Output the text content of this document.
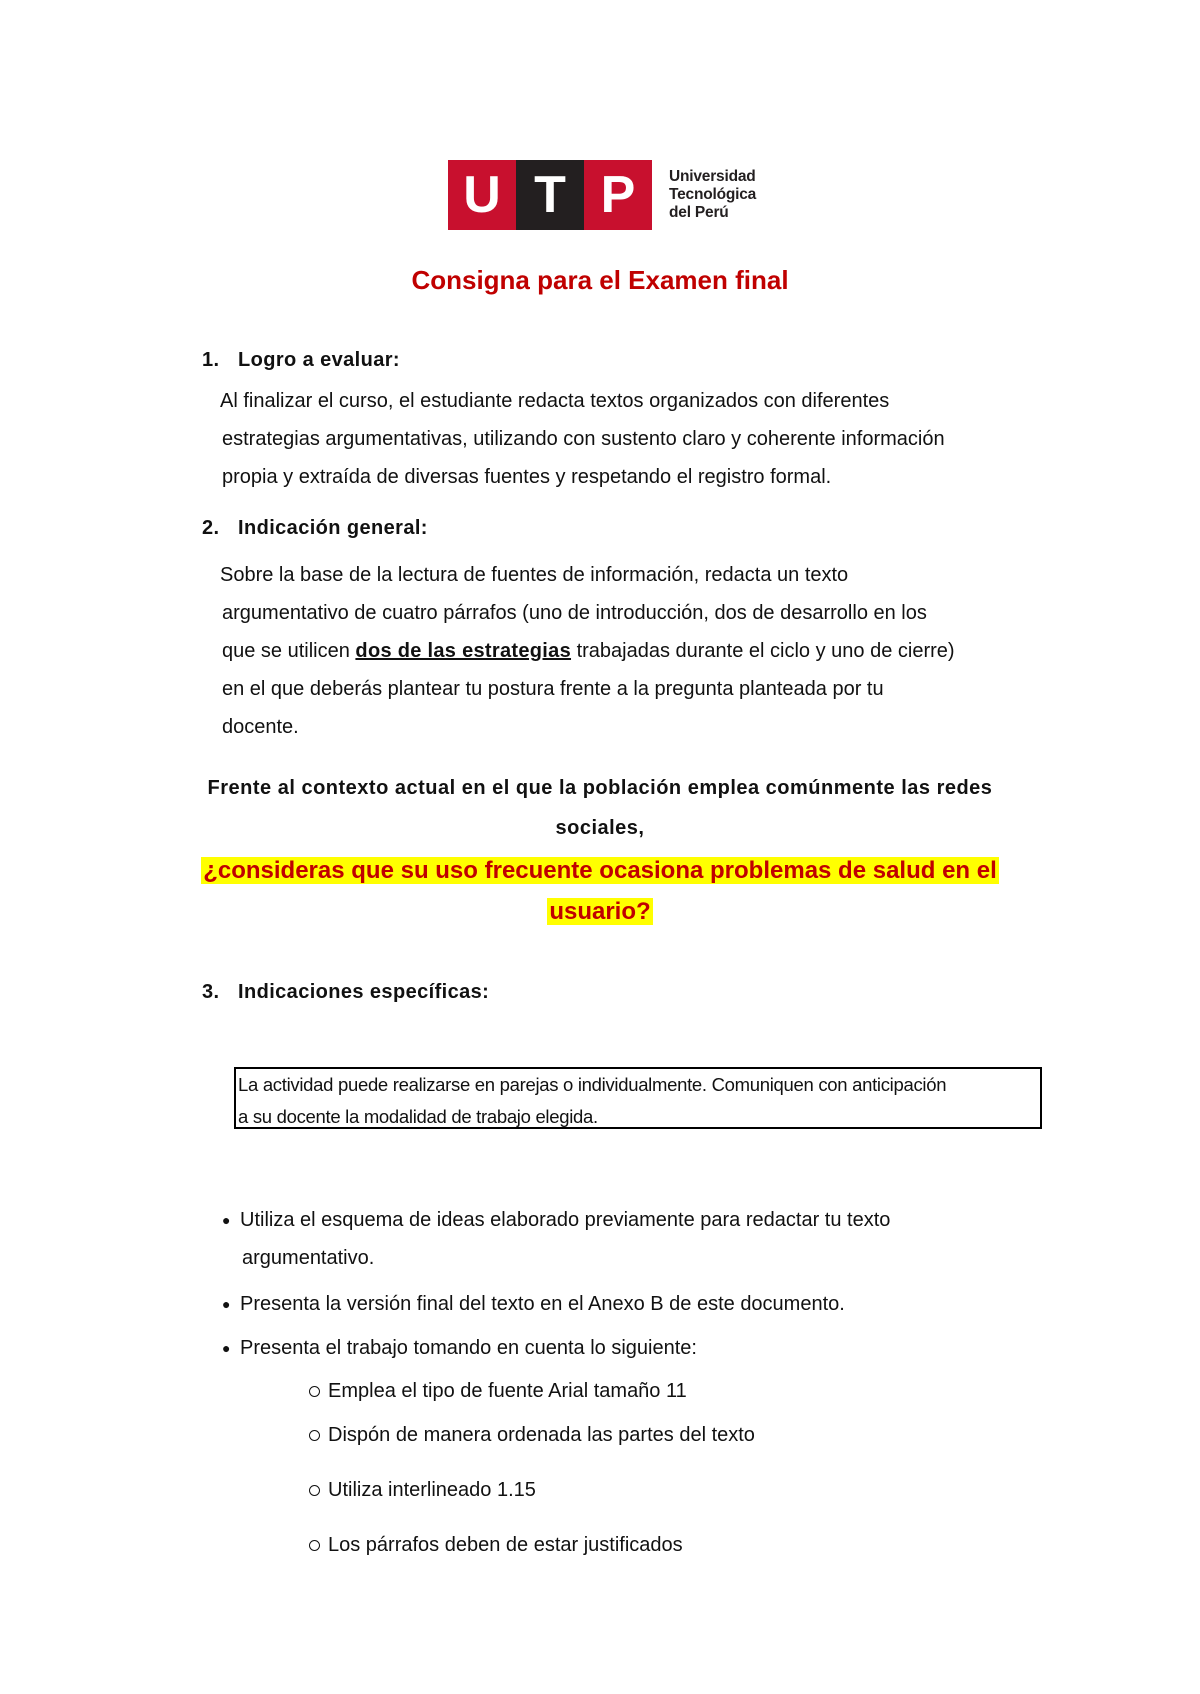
U T P	Universidad
Tecnológica
del Perú
Consigna para el Examen final
1. Logro a evaluar:
Al finalizar el curso, el estudiante redacta textos organizados con diferentes
estrategias argumentativas, utilizando con sustento claro y coherente información
propia y extraída de diversas fuentes y respetando el registro formal.
2. Indicación general:
Sobre la base de la lectura de fuentes de información, redacta un texto
argumentativo de cuatro párrafos (uno de introducción, dos de desarrollo en los
que se utilicen dos de las estrategias trabajadas durante el ciclo y uno de cierre)
en el que deberás plantear tu postura frente a la pregunta planteada por tu
docente.
Frente al contexto actual en el que la población emplea comúnmente las redes
sociales,
¿consideras que su uso frecuente ocasiona problemas de salud en el
usuario?
3. Indicaciones específicas:
La actividad puede realizarse en parejas o individualmente. Comuniquen con anticipación
a su docente la modalidad de trabajo elegida.
● Utiliza el esquema de ideas elaborado previamente para redactar tu texto
argumentativo.
● Presenta la versión final del texto en el Anexo B de este documento.
● Presenta el trabajo tomando en cuenta lo siguiente:
Emplea el tipo de fuente Arial tamaño 11
Dispón de manera ordenada las partes del texto
Utiliza interlineado 1.15
Los párrafos deben de estar justificados
